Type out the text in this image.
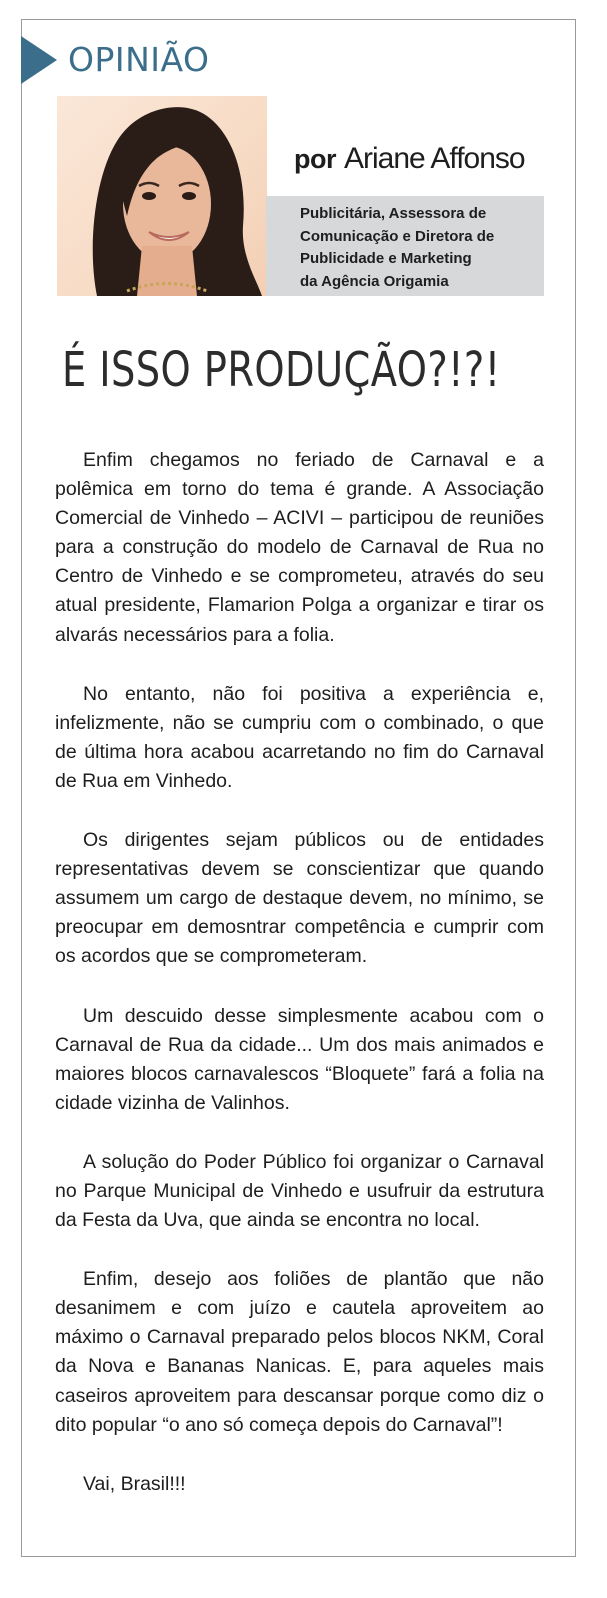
OPINIÃO
por Ariane Affonso
Publicitária, Assessora de
Comunicação e Diretora de
Publicidade e Marketing
da Agência Origamia
É ISSO PRODUÇÃO?!?!

Enfim chegamos no feriado de Carnaval e a polêmica em torno do tema é grande. A Associação Comercial de Vinhedo – ACIVI – participou de reuniões para a construção do modelo de Carnaval de Rua no Centro de Vinhedo e se comprometeu, através do seu atual presidente, Flamarion Polga a organizar e tirar os alvarás necessários para a folia.

No entanto, não foi positiva a experiência e, infelizmente, não se cumpriu com o combinado, o que de última hora acabou acarretando no fim do Carnaval de Rua em Vinhedo.

Os dirigentes sejam públicos ou de entidades representativas devem se conscientizar que quando assumem um cargo de destaque devem, no mínimo, se preocupar em demosntrar competência e cumprir com os acordos que se comprometeram.

Um descuido desse simplesmente acabou com o Carnaval de Rua da cidade... Um dos mais animados e maiores blocos carnavalescos “Bloquete” fará a folia na cidade vizinha de Valinhos.

A solução do Poder Público foi organizar o Carnaval no Parque Municipal de Vinhedo e usufruir da estrutura da Festa da Uva, que ainda se encontra no local.

Enfim, desejo aos foliões de plantão que não desanimem e com juízo e cautela aproveitem ao máximo o Carnaval preparado pelos blocos NKM, Coral da Nova e Bananas Nanicas. E, para aqueles mais caseiros aproveitem para descansar porque como diz o dito popular “o ano só começa depois do Carnaval”!

Vai, Brasil!!!
